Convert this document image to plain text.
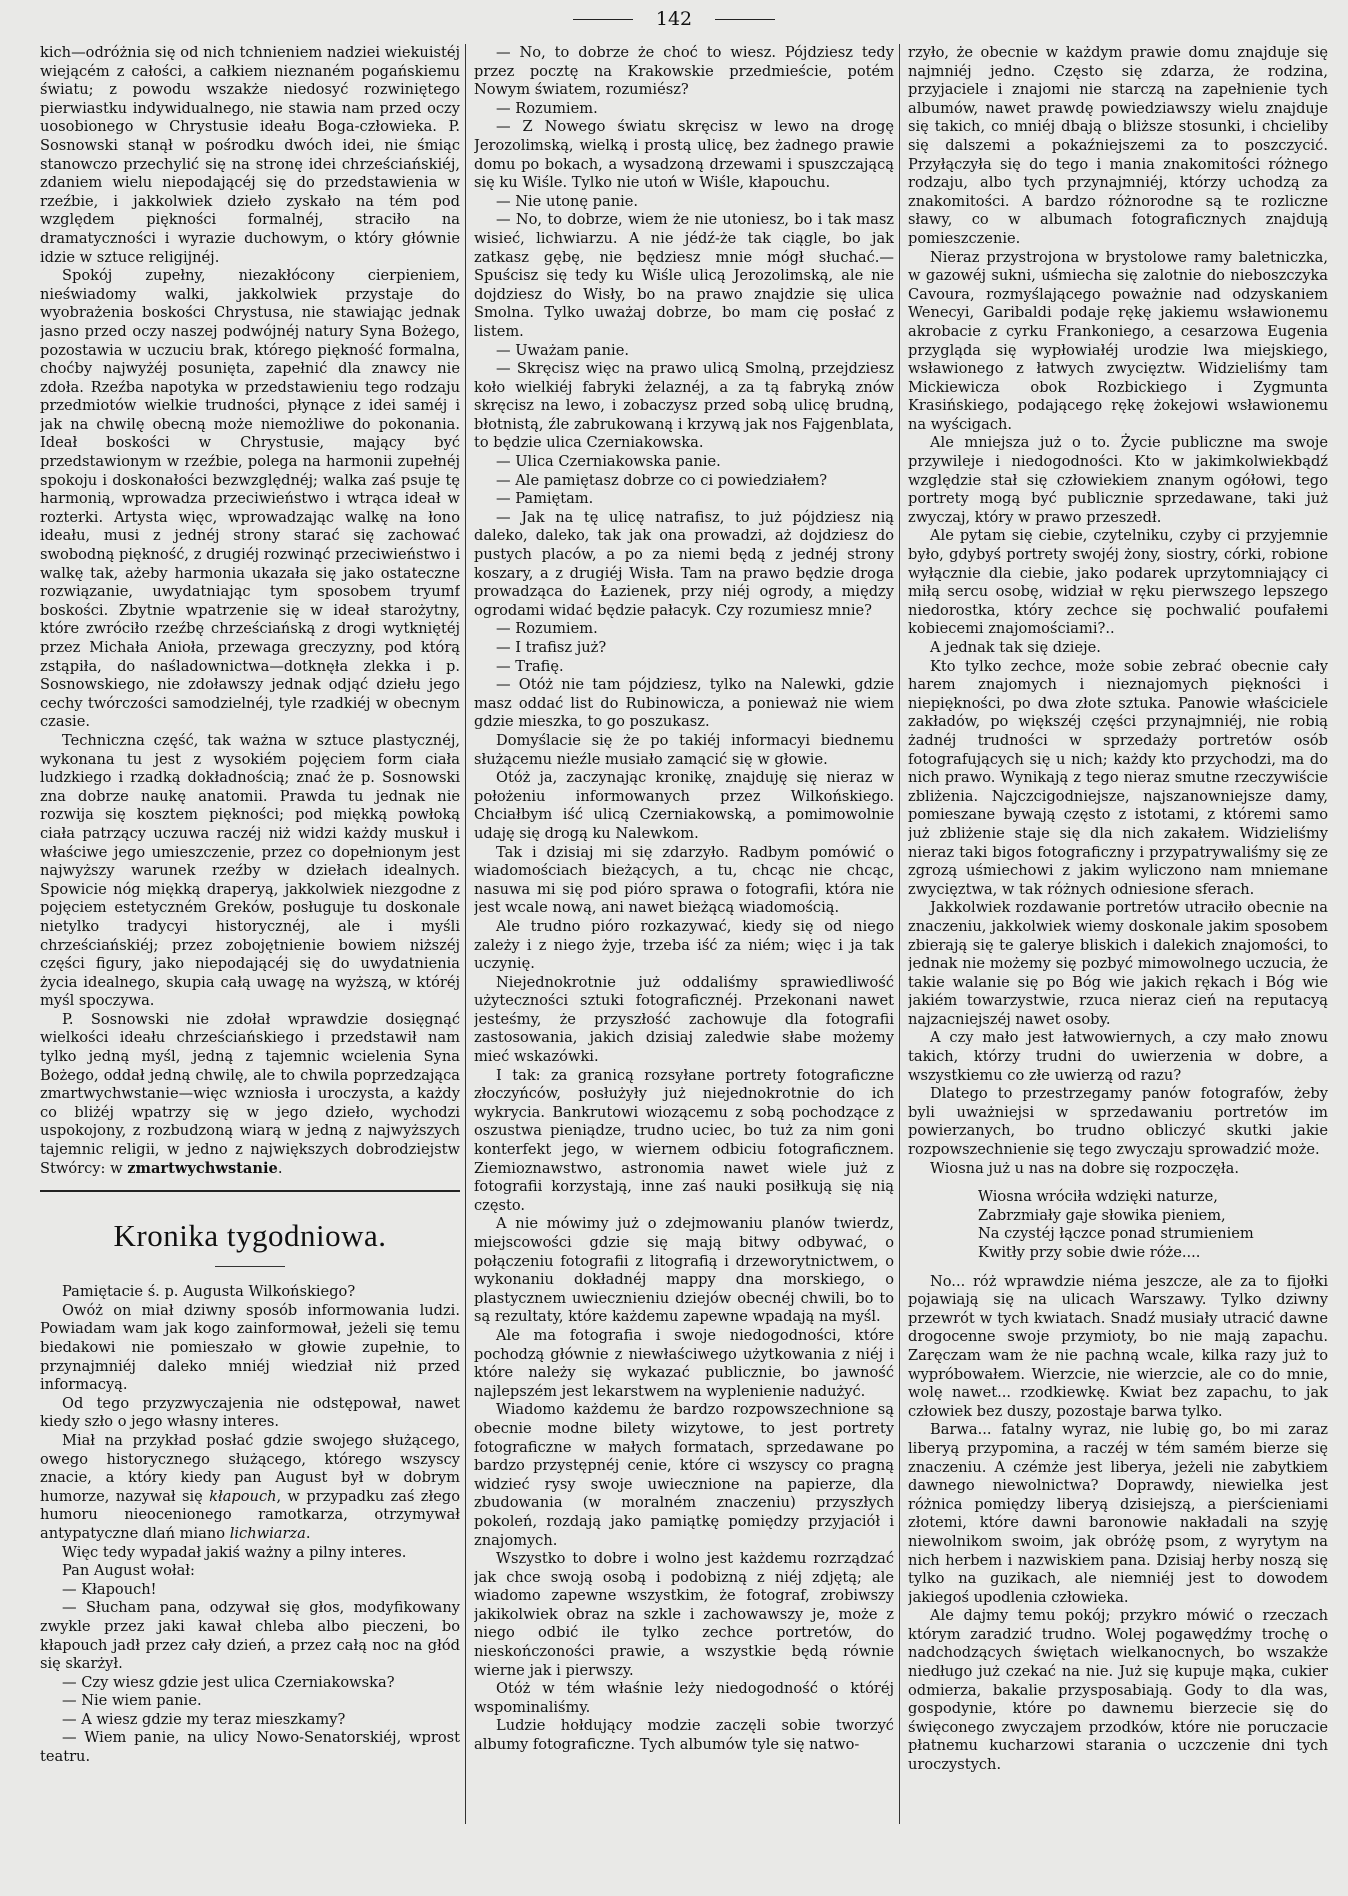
142

kich—odróżnia się od nich tchnieniem nadziei wiekuistéj wiejącém z całości, a całkiem nieznaném pogańskiemu światu; z powodu wszakże niedosyć rozwiniętego pierwiastku indywidualnego, nie stawia nam przed oczy uosobionego w Chrystusie ideału Boga-człowieka. P. Sosnowski stanął w pośrodku dwóch idei, nie śmiąc stanowczo przechylić się na stronę idei chrześciańskiéj, zdaniem wielu niepodającéj się do przedstawienia w rzeźbie, i jakkolwiek dzieło zyskało na tém pod względem piękności formalnéj, straciło na dramatyczności i wyrazie duchowym, o który głównie idzie w sztuce religijnéj.

Spokój zupełny, niezakłócony cierpieniem, nieświadomy walki, jakkolwiek przystaje do wyobrażenia boskości Chrystusa, nie stawiając jednak jasno przed oczy naszej podwójnéj natury Syna Bożego, pozostawia w uczuciu brak, którego piękność formalna, choćby najwyżéj posunięta, zapełnić dla znawcy nie zdoła. Rzeźba napotyka w przedstawieniu tego rodzaju przedmiotów wielkie trudności, płynące z idei saméj i jak na chwilę obecną może niemożliwe do pokonania. Ideał boskości w Chrystusie, mający być przedstawionym w rzeźbie, polega na harmonii zupełnéj spokoju i doskonałości bezwzględnéj; walka zaś psuje tę harmonią, wprowadza przeciwieństwo i wtrąca ideał w rozterki. Artysta więc, wprowadzając walkę na łono ideału, musi z jednéj strony starać się zachować swobodną piękność, z drugiéj rozwinąć przeciwieństwo i walkę tak, ażeby harmonia ukazała się jako ostateczne rozwiązanie, uwydatniając tym sposobem tryumf boskości. Zbytnie wpatrzenie się w ideał starożytny, które zwróciło rzeźbę chrześciańską z drogi wytkniętéj przez Michała Anioła, przewaga greczyzny, pod którą zstąpiła, do naśladownictwa—dotknęła zlekka i p. Sosnowskiego, nie zdoławszy jednak odjąć dziełu jego cechy twórczości samodzielnéj, tyle rzadkiéj w obecnym czasie.

Techniczna część, tak ważna w sztuce plastycznéj, wykonana tu jest z wysokiém pojęciem form ciała ludzkiego i rzadką dokładnością; znać że p. Sosnowski zna dobrze naukę anatomii. Prawda tu jednak nie rozwija się kosztem piękności; pod miękką powłoką ciała patrzący uczuwa raczéj niż widzi każdy muskuł i właściwe jego umieszczenie, przez co dopełnionym jest najwyższy warunek rzeźby w dziełach idealnych. Spowicie nóg miękką draperyą, jakkolwiek niezgodne z pojęciem estetyczném Greków, posługuje tu doskonale nietylko tradycyi historycznéj, ale i myśli chrześciańskiéj; przez zobojętnienie bowiem niższéj części figury, jako niepodającéj się do uwydatnienia życia idealnego, skupia całą uwagę na wyższą, w któréj myśl spoczywa.

P. Sosnowski nie zdołał wprawdzie dosięgnąć wielkości ideału chrześciańskiego i przedstawił nam tylko jedną myśl, jedną z tajemnic wcielenia Syna Bożego, oddał jedną chwilę, ale to chwila poprzedzająca zmartwychwstanie—więc wzniosła i uroczysta, a każdy co bliżéj wpatrzy się w jego dzieło, wychodzi uspokojony, z rozbudzoną wiarą w jedną z najwyższych tajemnic religii, w jedno z największych dobrodziejstw Stwórcy: w zmartwychwstanie.

Kronika tygodniowa.

Pamiętacie ś. p. Augusta Wilkońskiego?

Owóż on miał dziwny sposób informowania ludzi. Powiadam wam jak kogo zainformował, jeżeli się temu biedakowi nie pomieszało w głowie zupełnie, to przynajmniéj daleko mniéj wiedział niż przed informacyą.

Od tego przyzwyczajenia nie odstępował, nawet kiedy szło o jego własny interes.

Miał na przykład posłać gdzie swojego służącego, owego historycznego służącego, którego wszyscy znacie, a który kiedy pan August był w dobrym humorze, nazywał się kłapouch, w przypadku zaś złego humoru nieocenionego ramotkarza, otrzymywał antypatyczne dlań miano lichwiarza.

Więc tedy wypadał jakiś ważny a pilny interes.

Pan August wołał:

— Kłapouch!

— Słucham pana, odzywał się głos, modyfikowany zwykle przez jaki kawał chleba albo pieczeni, bo kłapouch jadł przez cały dzień, a przez całą noc na głód się skarżył.

— Czy wiesz gdzie jest ulica Czerniakowska?

— Nie wiem panie.

— A wiesz gdzie my teraz mieszkamy?

— Wiem panie, na ulicy Nowo-Senatorskiéj, wprost teatru.

— No, to dobrze że choć to wiesz. Pójdziesz tedy przez pocztę na Krakowskie przedmieście, potém Nowym światem, rozumiész?

— Rozumiem.

— Z Nowego światu skręcisz w lewo na drogę Jerozolimską, wielką i prostą ulicę, bez żadnego prawie domu po bokach, a wysadzoną drzewami i spuszczającą się ku Wiśle. Tylko nie utoń w Wiśle, kłapouchu.

— Nie utonę panie.

— No, to dobrze, wiem że nie utoniesz, bo i tak masz wisieć, lichwiarzu. A nie jédź-że tak ciągle, bo jak zatkasz gębę, nie będziesz mnie mógł słuchać.— Spuścisz się tedy ku Wiśle ulicą Jerozolimską, ale nie dojdziesz do Wisły, bo na prawo znajdzie się ulica Smolna. Tylko uważaj dobrze, bo mam cię posłać z listem.

— Uważam panie.

— Skręcisz więc na prawo ulicą Smolną, przejdziesz koło wielkiéj fabryki żelaznéj, a za tą fabryką znów skręcisz na lewo, i zobaczysz przed sobą ulicę brudną, błotnistą, źle zabrukowaną i krzywą jak nos Fajgenblata, to będzie ulica Czerniakowska.

— Ulica Czerniakowska panie.

— Ale pamiętasz dobrze co ci powiedziałem?

— Pamiętam.

— Jak na tę ulicę natrafisz, to już pójdziesz nią daleko, daleko, tak jak ona prowadzi, aż dojdziesz do pustych placów, a po za niemi będą z jednéj strony koszary, a z drugiéj Wisła. Tam na prawo będzie droga prowadząca do Łazienek, przy niéj ogrody, a między ogrodami widać będzie pałacyk. Czy rozumiesz mnie?

— Rozumiem.

— I trafisz już?

— Trafię.

— Otóż nie tam pójdziesz, tylko na Nalewki, gdzie masz oddać list do Rubinowicza, a ponieważ nie wiem gdzie mieszka, to go poszukasz.

Domyślacie się że po takiéj informacyi biednemu służącemu nieźle musiało zamącić się w głowie.

Otóż ja, zaczynając kronikę, znajduję się nieraz w położeniu informowanych przez Wilkońskiego. Chciałbym iść ulicą Czerniakowską, a pomimowolnie udaję się drogą ku Nalewkom.

Tak i dzisiaj mi się zdarzyło. Radbym pomówić o wiadomościach bieżących, a tu, chcąc nie chcąc, nasuwa mi się pod pióro sprawa o fotografii, która nie jest wcale nową, ani nawet bieżącą wiadomością.

Ale trudno pióro rozkazywać, kiedy się od niego zależy i z niego żyje, trzeba iść za niém; więc i ja tak uczynię.

Niejednokrotnie już oddaliśmy sprawiedliwość użyteczności sztuki fotograficznéj. Przekonani nawet jesteśmy, że przyszłość zachowuje dla fotografii zastosowania, jakich dzisiaj zaledwie słabe możemy mieć wskazówki.

I tak: za granicą rozsyłane portrety fotograficzne złoczyńców, posłużyły już niejednokrotnie do ich wykrycia. Bankrutowi wiozącemu z sobą pochodzące z oszustwa pieniądze, trudno uciec, bo tuż za nim goni konterfekt jego, w wiernem odbiciu fotograficznem. Ziemioznawstwo, astronomia nawet wiele już z fotografii korzystają, inne zaś nauki posiłkują się nią często.

A nie mówimy już o zdejmowaniu planów twierdz, miejscowości gdzie się mają bitwy odbywać, o połączeniu fotografii z litografią i drzeworytnictwem, o wykonaniu dokładnéj mappy dna morskiego, o plastycznem uwiecznieniu dziejów obecnéj chwili, bo to są rezultaty, które każdemu zapewne wpadają na myśl.

Ale ma fotografia i swoje niedogodności, które pochodzą głównie z niewłaściwego użytkowania z niéj i które należy się wykazać publicznie, bo jawność najlepszém jest lekarstwem na wyplenienie nadużyć.

Wiadomo każdemu że bardzo rozpowszechnione są obecnie modne bilety wizytowe, to jest portrety fotograficzne w małych formatach, sprzedawane po bardzo przystępnéj cenie, które ci wszyscy co pragną widzieć rysy swoje uwiecznione na papierze, dla zbudowania (w moralném znaczeniu) przyszłych pokoleń, rozdają jako pamiątkę pomiędzy przyjaciół i znajomych.

Wszystko to dobre i wolno jest każdemu rozrządzać jak chce swoją osobą i podobizną z niéj zdjętą; ale wiadomo zapewne wszystkim, że fotograf, zrobiwszy jakikolwiek obraz na szkle i zachowawszy je, może z niego odbić ile tylko zechce portretów, do nieskończoności prawie, a wszystkie będą równie wierne jak i pierwszy.

Otóż w tém właśnie leży niedogodność o któréj wspominaliśmy.

Ludzie hołdujący modzie zaczęli sobie tworzyć albumy fotograficzne. Tych albumów tyle się natwo-

rzyło, że obecnie w każdym prawie domu znajduje się najmniéj jedno. Często się zdarza, że rodzina, przyjaciele i znajomi nie starczą na zapełnienie tych albumów, nawet prawdę powiedziawszy wielu znajduje się takich, co mniéj dbają o bliższe stosunki, i chcieliby się dalszemi a pokaźniejszemi za to poszczycić. Przyłączyła się do tego i mania znakomitości różnego rodzaju, albo tych przynajmniéj, którzy uchodzą za znakomitości. A bardzo różnorodne są te rozliczne sławy, co w albumach fotograficznych znajdują pomieszczenie.

Nieraz przystrojona w brystolowe ramy baletniczka, w gazowéj sukni, uśmiecha się zalotnie do nieboszczyka Cavoura, rozmyślającego poważnie nad odzyskaniem Wenecyi, Garibaldi podaje rękę jakiemu wsławionemu akrobacie z cyrku Frankoniego, a cesarzowa Eugenia przygląda się wypłowiałéj urodzie lwa miejskiego, wsławionego z łatwych zwycięztw. Widzieliśmy tam Mickiewicza obok Rozbickiego i Zygmunta Krasińskiego, podającego rękę żokejowi wsławionemu na wyścigach.

Ale mniejsza już o to. Życie publiczne ma swoje przywileje i niedogodności. Kto w jakimkolwiekbądź względzie stał się człowiekiem znanym ogółowi, tego portrety mogą być publicznie sprzedawane, taki już zwyczaj, który w prawo przeszedł.

Ale pytam się ciebie, czytelniku, czyby ci przyjemnie było, gdybyś portrety swojéj żony, siostry, córki, robione wyłącznie dla ciebie, jako podarek uprzytomniający ci miłą sercu osobę, widział w ręku pierwszego lepszego niedorostka, który zechce się pochwalić poufałemi kobiecemi znajomościami?..

A jednak tak się dzieje.

Kto tylko zechce, może sobie zebrać obecnie cały harem znajomych i nieznajomych piękności i niepiękności, po dwa złote sztuka. Panowie właściciele zakładów, po większéj części przynajmniéj, nie robią żadnéj trudności w sprzedaży portretów osób fotografujących się u nich; każdy kto przychodzi, ma do nich prawo. Wynikają z tego nieraz smutne rzeczywiście zbliżenia. Najczcigodniejsze, najszanowniejsze damy, pomieszane bywają często z istotami, z któremi samo już zbliżenie staje się dla nich zakałem. Widzieliśmy nieraz taki bigos fotograficzny i przypatrywaliśmy się ze zgrozą uśmiechowi z jakim wyliczono nam mniemane zwycięztwa, w tak różnych odniesione sferach.

Jakkolwiek rozdawanie portretów utraciło obecnie na znaczeniu, jakkolwiek wiemy doskonale jakim sposobem zbierają się te galerye bliskich i dalekich znajomości, to jednak nie możemy się pozbyć mimowolnego uczucia, że takie walanie się po Bóg wie jakich rękach i Bóg wie jakiém towarzystwie, rzuca nieraz cień na reputacyą najzacniejszéj nawet osoby.

A czy mało jest łatwowiernych, a czy mało znowu takich, którzy trudni do uwierzenia w dobre, a wszystkiemu co złe uwierzą od razu?

Dlatego to przestrzegamy panów fotografów, żeby byli uważniejsi w sprzedawaniu portretów im powierzanych, bo trudno obliczyć skutki jakie rozpowszechnienie się tego zwyczaju sprowadzić może.

Wiosna już u nas na dobre się rozpoczęła.

Wiosna wróciła wdzięki naturze,
Zabrzmiały gaje słowika pieniem,
Na czystéj łączce ponad strumieniem
Kwitły przy sobie dwie róże....

No... róż wprawdzie niéma jeszcze, ale za to fijołki pojawiają się na ulicach Warszawy. Tylko dziwny przewrót w tych kwiatach. Snadź musiały utracić dawne drogocenne swoje przymioty, bo nie mają zapachu. Zaręczam wam że nie pachną wcale, kilka razy już to wypróbowałem. Wierzcie, nie wierzcie, ale co do mnie, wolę nawet... rzodkiewkę. Kwiat bez zapachu, to jak człowiek bez duszy, pozostaje barwa tylko.

Barwa... fatalny wyraz, nie lubię go, bo mi zaraz liberyą przypomina, a raczéj w tém samém bierze się znaczeniu. A czémże jest liberya, jeżeli nie zabytkiem dawnego niewolnictwa? Doprawdy, niewielka jest różnica pomiędzy liberyą dzisiejszą, a pierścieniami złotemi, które dawni baronowie nakładali na szyję niewolnikom swoim, jak obróżę psom, z wyrytym na nich herbem i nazwiskiem pana. Dzisiaj herby noszą się tylko na guzikach, ale niemniéj jest to dowodem jakiegoś upodlenia człowieka.

Ale dajmy temu pokój; przykro mówić o rzeczach którym zaradzić trudno. Wolej pogawędźmy trochę o nadchodzących świętach wielkanocnych, bo wszakże niedługo już czekać na nie. Już się kupuje mąka, cukier odmierza, bakalie przysposabiają. Gody to dla was, gospodynie, które po dawnemu bierzecie się do święconego zwyczajem przodków, które nie poruczacie płatnemu kucharzowi starania o uczczenie dni tych uroczystych.
